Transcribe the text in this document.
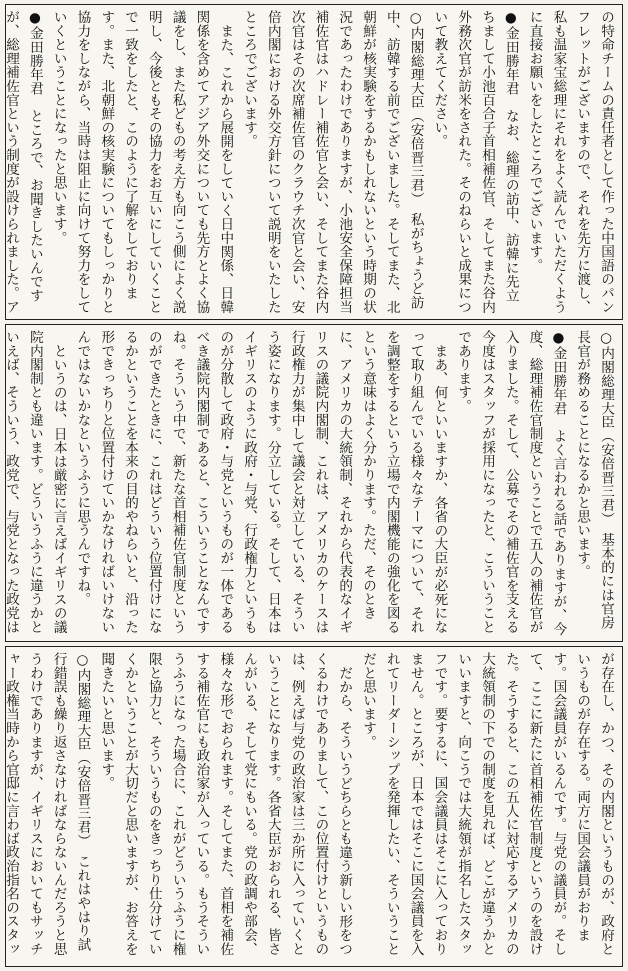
の特命チームの責任者として作った中国語のパンフレットがございますので、それを先方に渡し、私も温家宝総理にそれをよく読んでいただくように直接お願いをしたところでございます。

●金田勝年君　なお、総理の訪中、訪韓に先立ちまして小池百合子首相補佐官、そしてまた谷内外務次官が訪米をされた。そのねらいと成果について教えてください。

○内閣総理大臣（安倍晋三君）　私がちょうど訪中、訪韓する前でございました。そしてまた、北朝鮮が核実験をするかもしれないという時期の状況であったわけでありますが、小池安全保障担当補佐官はハドレー補佐官と会い、そしてまた谷内次官はその次席補佐官のクラウチ次官と会い、安倍内閣における外交方針について説明をいたしたところでございます。

また、これから展開をしていく日中関係、日韓関係を含めてアジア外交についても先方とよく協議をし、また私どもの考え方も向こう側によく説明し、今後ともその協力をお互いにしていくことで一致をしたと、このように了解をしております。また、北朝鮮の核実験についてもしっかりと協力をしながら、当時は阻止に向けて努力をしていくということになったと思います。

●金田勝年君　ところで、お聞きしたいんですが、総理補佐官という制度が設けられました。ア

○内閣総理大臣（安倍晋三君）　基本的には官房長官が務めることになるかと思います。

●金田勝年君　よく言われる話でありますが、今度、総理補佐官制度ということで五人の補佐官が入りました。そして、公募でその補佐官を支える今度はスタッフが採用になったと、こういうことであります。

まあ、何といいますか、各省の大臣が必死になって取り組んでいる様々なテーマについて、それを調整をするという立場で内閣機能の強化を図るという意味はよく分かります。ただ、そのときに、アメリカの大統領制、それから代表的なイギリスの議院内閣制、これは、アメリカのケースは行政権力が集中して議会と対立している、そういう姿になります。分立している。そして、日本はイギリスのように政府・与党、行政権力というものが分散して政府・与党というものが一体であるべき議院内閣制であると、こういうことなんですね。そういう中で、新たな首相補佐官制度というのができたときに、これはどういう位置付けになるかということを本来の目的やねらいと、沿った形できっちりと位置付けていかなければいけないんではないかなというふうに思うんですね。

というのは、日本は厳密に言えばイギリスの議院内閣制とも違います。どういうふうに違うかといえば、そういう、政党で、与党となった政党は

が存在し、かつ、その内閣というものが、政府というものが存在する。両方に国会議員がおります。国会議員がいるんです。与党の議員が。そして、ここに新たに首相補佐官制度というのを設けた。そうすると、この五人に対応するアメリカの大統領制の下での制度を見れば、どこが違うかといいますと、向こうでは大統領が指名したスタッフです。要するに、国会議員はそこに入っておりません。ところが、日本ではそこに国会議員を入れてリーダーシップを発揮したい、そういうことだと思います。

だから、そういうどちらとも違う新しい形をつくるわけでありまして、この位置付けというものは、例えば与党の政治家は三か所に入っていくということになります。各省大臣がおられる、皆さんがいる、そして党にもいる。党の政調や部会、様々な形でおられます。そしてまた、首相を補佐する補佐官にも政治家が入っている。もうそういうふうになった場合に、これがどういうふうに権限と協力と、そういうものをきっちり仕分けていくかということが大切だと思いますが、お答えを聞きたいと思います。

○内閣総理大臣（安倍晋三君）　これはやはり試行錯誤も繰り返さなければならないんだろうと思うわけでありますが、イギリスにおいてもサッチャー政権当時から官邸に言わば政治指名のスタッ
